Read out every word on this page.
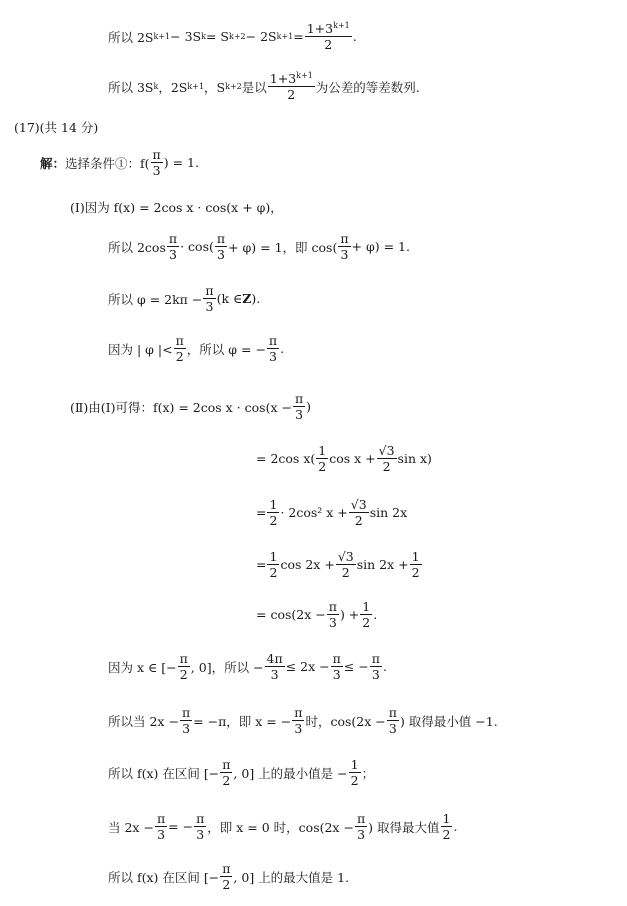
所以 2S k+1 − 3S k = S k+2 − 2S $k+1 = \frac{1+3^{k+1}}{2}$ .
所以 3S k ，2S k+1 ，S k+2 是以 $\frac{1+3^{k+1}}{2}$ 为公差的等差数列.
(17)(共 14 分)
解： 选择条件①：$f( \frac{\pi}{3}$ ) = 1.
(Ⅰ)因为 f(x) = 2cos x · cos(x + φ)，
所以 $2\cos \frac{\pi}{3} \cdot \cos( \frac{\pi}{3} + \varphi) = 1$，即 $\cos( \frac{\pi}{3} + \varphi) = 1$.
所以 $\varphi = 2k\pi - \frac{\pi}{3} (k$ ∈ Z ).
因为 | φ |< $\frac{\pi}{2}$ ，所以 φ = − $\frac{\pi}{3}$ .
(Ⅱ)由(Ⅰ)可得：f(x) = 2cos $x \cdot \cos(x - \frac{\pi}{3}$ )
= 2cos $x( \frac{1}{2}$ $\cos x + \frac{√3}{2}$ sin x)
= $\frac{1}{2} \cdot 2\cos^2$ $x + \frac{√3}{2}$ sin 2x
= $\frac{1}{2}$ $\cos 2x + \frac{√3}{2}$ $\sin 2x + \frac{1}{2}$
= $\cos(2x - \frac{\pi}{3}$ ) + $\frac{1}{2}$ .
因为 x ∈ [− $\frac{\pi}{2}$ , 0]，所以 − $\frac{4\pi}{3} \le 2x - \frac{\pi}{3}$ ≤ − $\frac{\pi}{3}$ .
所以当 $2x - \frac{\pi}{3} = -\pi$，即 x = − $\frac{\pi}{3}$ 时，$\cos(2x - \frac{\pi}{3}$ ) 取得最小值 −1.
所以 f(x) 在区间 [− $\frac{\pi}{2}$ , 0] 上的最小值是 − $\frac{1}{2}$ ；
当 $2x - \frac{\pi}{3}$ = − $\frac{\pi}{3}$ ，即 x = 0 时，$\cos(2x - \frac{\pi}{3}$ ) 取得最大值 $\frac{1}{2}$ .
所以 f(x) 在区间 [− $\frac{\pi}{2}$ , 0] 上的最大值是 1.
